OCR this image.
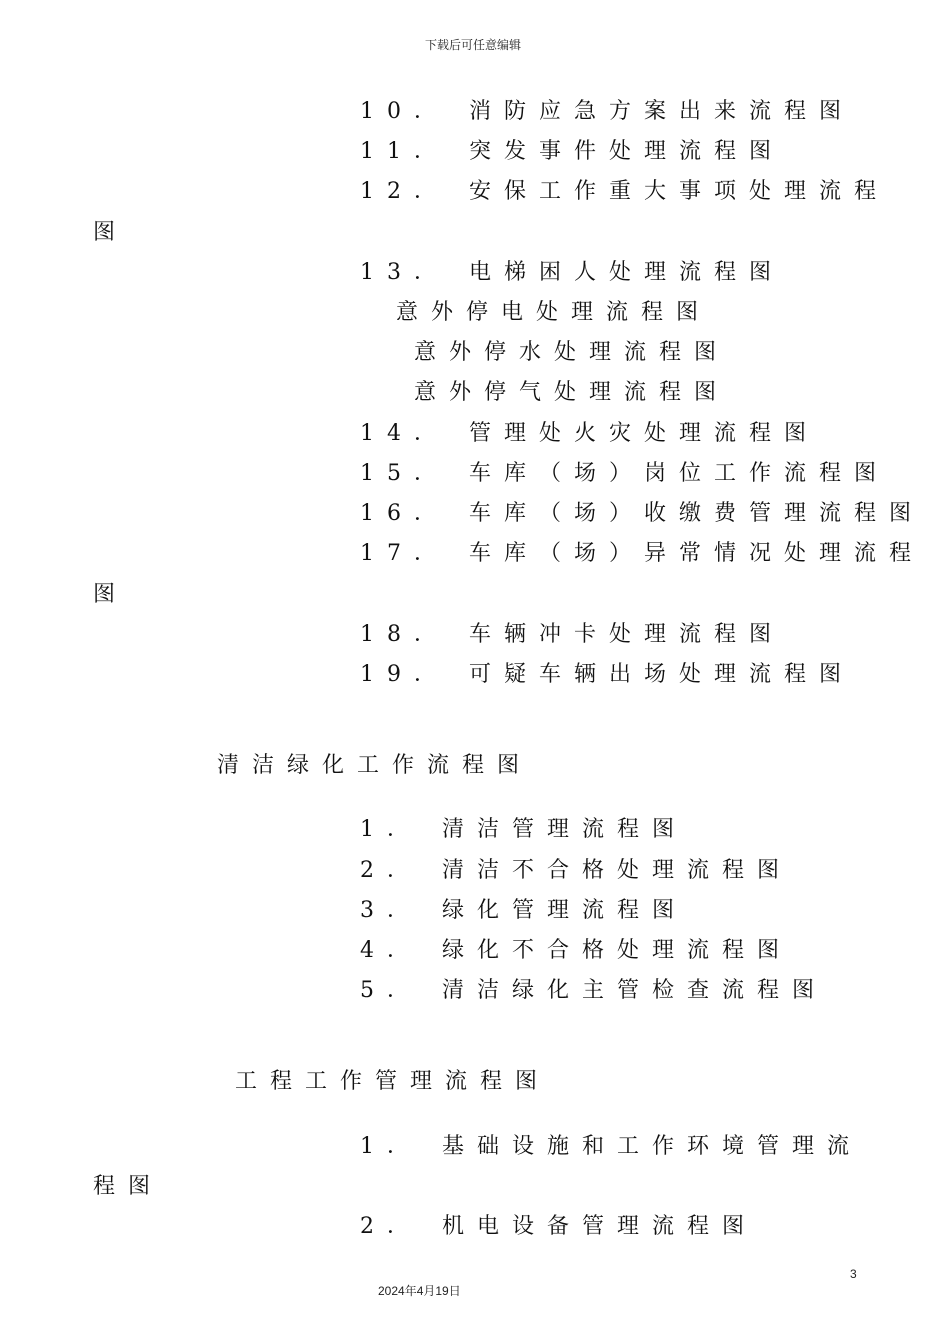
下载后可任意编辑
10． 消防应急方案出来流程图
11． 突发事件处理流程图
12． 安保工作重大事项处理流程
图
13． 电梯困人处理流程图
意外停电处理流程图
意外停水处理流程图
意外停气处理流程图
14． 管理处火灾处理流程图
15． 车库（场）岗位工作流程图
16． 车库（场）收缴费管理流程图
17． 车库（场）异常情况处理流程
图
18． 车辆冲卡处理流程图
19． 可疑车辆出场处理流程图
清洁绿化工作流程图
1． 清洁管理流程图
2． 清洁不合格处理流程图
3． 绿化管理流程图
4． 绿化不合格处理流程图
5． 清洁绿化主管检查流程图
工程工作管理流程图
1． 基础设施和工作环境管理流
程图
2． 机电设备管理流程图
3
2024年4月19日
